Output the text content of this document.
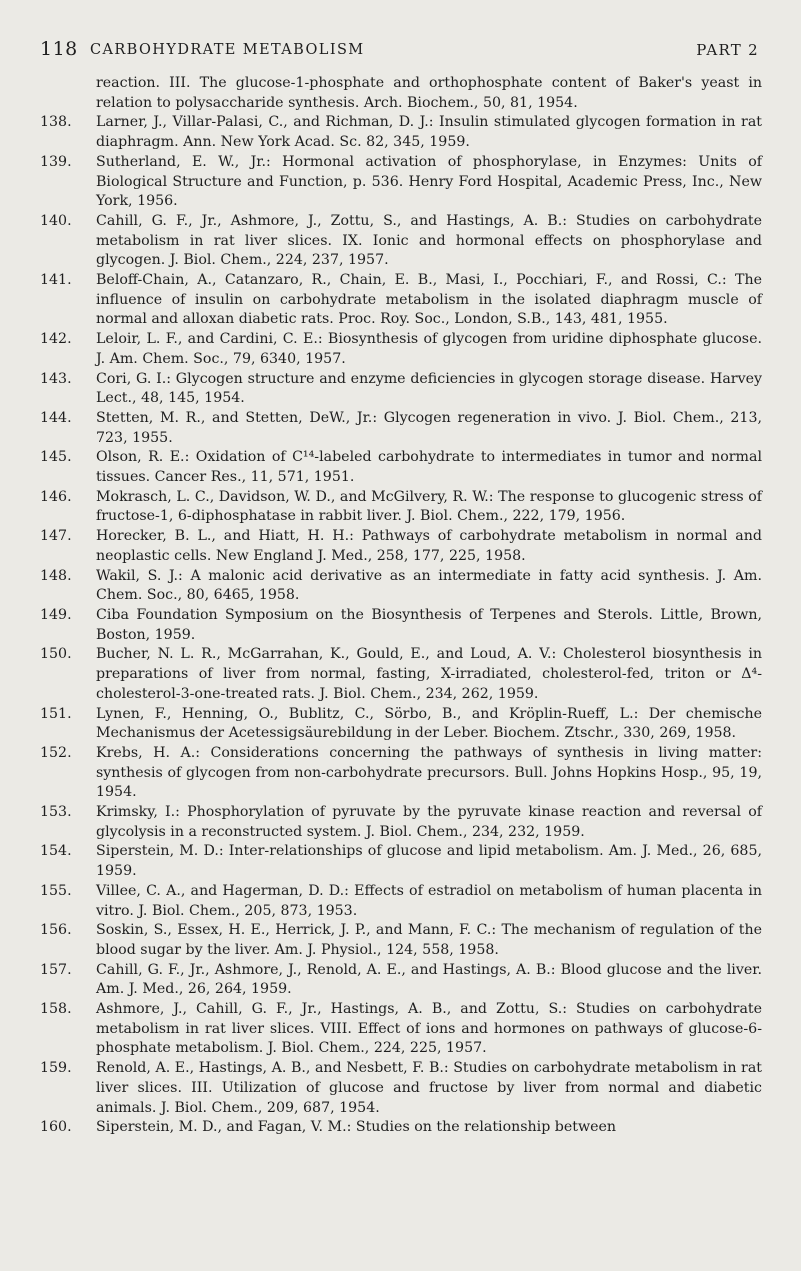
118 CARBOHYDRATE METABOLISM	PART 2
reaction. III. The glucose-1-phosphate and orthophosphate content of Baker's yeast in relation to polysaccharide synthesis. Arch. Biochem., 50, 81, 1954.
138. Larner, J., Villar-Palasi, C., and Richman, D. J.: Insulin stimulated glycogen formation in rat diaphragm. Ann. New York Acad. Sc. 82, 345, 1959.
139. Sutherland, E. W., Jr.: Hormonal activation of phosphorylase, in Enzymes: Units of Biological Structure and Function, p. 536. Henry Ford Hospital, Academic Press, Inc., New York, 1956.
140. Cahill, G. F., Jr., Ashmore, J., Zottu, S., and Hastings, A. B.: Studies on carbohydrate metabolism in rat liver slices. IX. Ionic and hormonal effects on phosphorylase and glycogen. J. Biol. Chem., 224, 237, 1957.
141. Beloff-Chain, A., Catanzaro, R., Chain, E. B., Masi, I., Pocchiari, F., and Rossi, C.: The influence of insulin on carbohydrate metabolism in the isolated diaphragm muscle of normal and alloxan diabetic rats. Proc. Roy. Soc., London, S.B., 143, 481, 1955.
142. Leloir, L. F., and Cardini, C. E.: Biosynthesis of glycogen from uridine diphosphate glucose. J. Am. Chem. Soc., 79, 6340, 1957.
143. Cori, G. I.: Glycogen structure and enzyme deficiencies in glycogen storage disease. Harvey Lect., 48, 145, 1954.
144. Stetten, M. R., and Stetten, DeW., Jr.: Glycogen regeneration in vivo. J. Biol. Chem., 213, 723, 1955.
145. Olson, R. E.: Oxidation of C¹⁴-labeled carbohydrate to intermediates in tumor and normal tissues. Cancer Res., 11, 571, 1951.
146. Mokrasch, L. C., Davidson, W. D., and McGilvery, R. W.: The response to glucogenic stress of fructose-1, 6-diphosphatase in rabbit liver. J. Biol. Chem., 222, 179, 1956.
147. Horecker, B. L., and Hiatt, H. H.: Pathways of carbohydrate metabolism in normal and neoplastic cells. New England J. Med., 258, 177, 225, 1958.
148. Wakil, S. J.: A malonic acid derivative as an intermediate in fatty acid synthesis. J. Am. Chem. Soc., 80, 6465, 1958.
149. Ciba Foundation Symposium on the Biosynthesis of Terpenes and Sterols. Little, Brown, Boston, 1959.
150. Bucher, N. L. R., McGarrahan, K., Gould, E., and Loud, A. V.: Cholesterol biosynthesis in preparations of liver from normal, fasting, X-irradiated, cholesterol-fed, triton or Δ⁴-cholesterol-3-one-treated rats. J. Biol. Chem., 234, 262, 1959.
151. Lynen, F., Henning, O., Bublitz, C., Sörbo, B., and Kröplin-Rueff, L.: Der chemische Mechanismus der Acetessigsäurebildung in der Leber. Biochem. Ztschr., 330, 269, 1958.
152. Krebs, H. A.: Considerations concerning the pathways of synthesis in living matter: synthesis of glycogen from non-carbohydrate precursors. Bull. Johns Hopkins Hosp., 95, 19, 1954.
153. Krimsky, I.: Phosphorylation of pyruvate by the pyruvate kinase reaction and reversal of glycolysis in a reconstructed system. J. Biol. Chem., 234, 232, 1959.
154. Siperstein, M. D.: Inter-relationships of glucose and lipid metabolism. Am. J. Med., 26, 685, 1959.
155. Villee, C. A., and Hagerman, D. D.: Effects of estradiol on metabolism of human placenta in vitro. J. Biol. Chem., 205, 873, 1953.
156. Soskin, S., Essex, H. E., Herrick, J. P., and Mann, F. C.: The mechanism of regulation of the blood sugar by the liver. Am. J. Physiol., 124, 558, 1958.
157. Cahill, G. F., Jr., Ashmore, J., Renold, A. E., and Hastings, A. B.: Blood glucose and the liver. Am. J. Med., 26, 264, 1959.
158. Ashmore, J., Cahill, G. F., Jr., Hastings, A. B., and Zottu, S.: Studies on carbohydrate metabolism in rat liver slices. VIII. Effect of ions and hormones on pathways of glucose-6-phosphate metabolism. J. Biol. Chem., 224, 225, 1957.
159. Renold, A. E., Hastings, A. B., and Nesbett, F. B.: Studies on carbohydrate metabolism in rat liver slices. III. Utilization of glucose and fructose by liver from normal and diabetic animals. J. Biol. Chem., 209, 687, 1954.
160. Siperstein, M. D., and Fagan, V. M.: Studies on the relationship between
